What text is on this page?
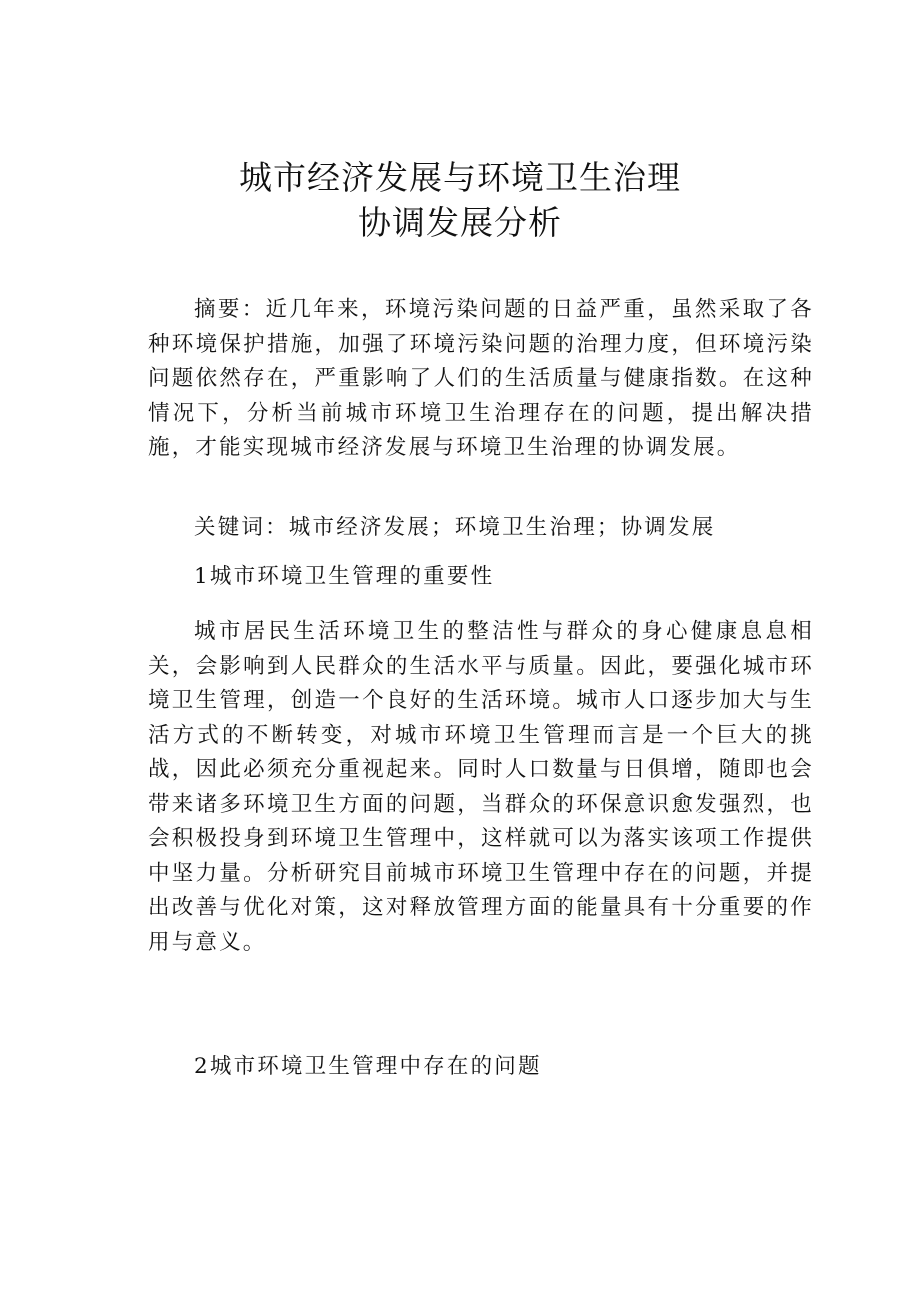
城市经济发展与环境卫生治理
协调发展分析

摘要：近几年来，环境污染问题的日益严重，虽然采取了各种环境保护措施，加强了环境污染问题的治理力度，但环境污染问题依然存在，严重影响了人们的生活质量与健康指数。在这种情况下，分析当前城市环境卫生治理存在的问题，提出解决措施，才能实现城市经济发展与环境卫生治理的协调发展。

关键词：城市经济发展；环境卫生治理；协调发展

1城市环境卫生管理的重要性

城市居民生活环境卫生的整洁性与群众的身心健康息息相关，会影响到人民群众的生活水平与质量。因此，要强化城市环境卫生管理，创造一个良好的生活环境。城市人口逐步加大与生活方式的不断转变，对城市环境卫生管理而言是一个巨大的挑战，因此必须充分重视起来。同时人口数量与日俱增，随即也会带来诸多环境卫生方面的问题，当群众的环保意识愈发强烈，也会积极投身到环境卫生管理中，这样就可以为落实该项工作提供中坚力量。分析研究目前城市环境卫生管理中存在的问题，并提出改善与优化对策，这对释放管理方面的能量具有十分重要的作用与意义。

2城市环境卫生管理中存在的问题
